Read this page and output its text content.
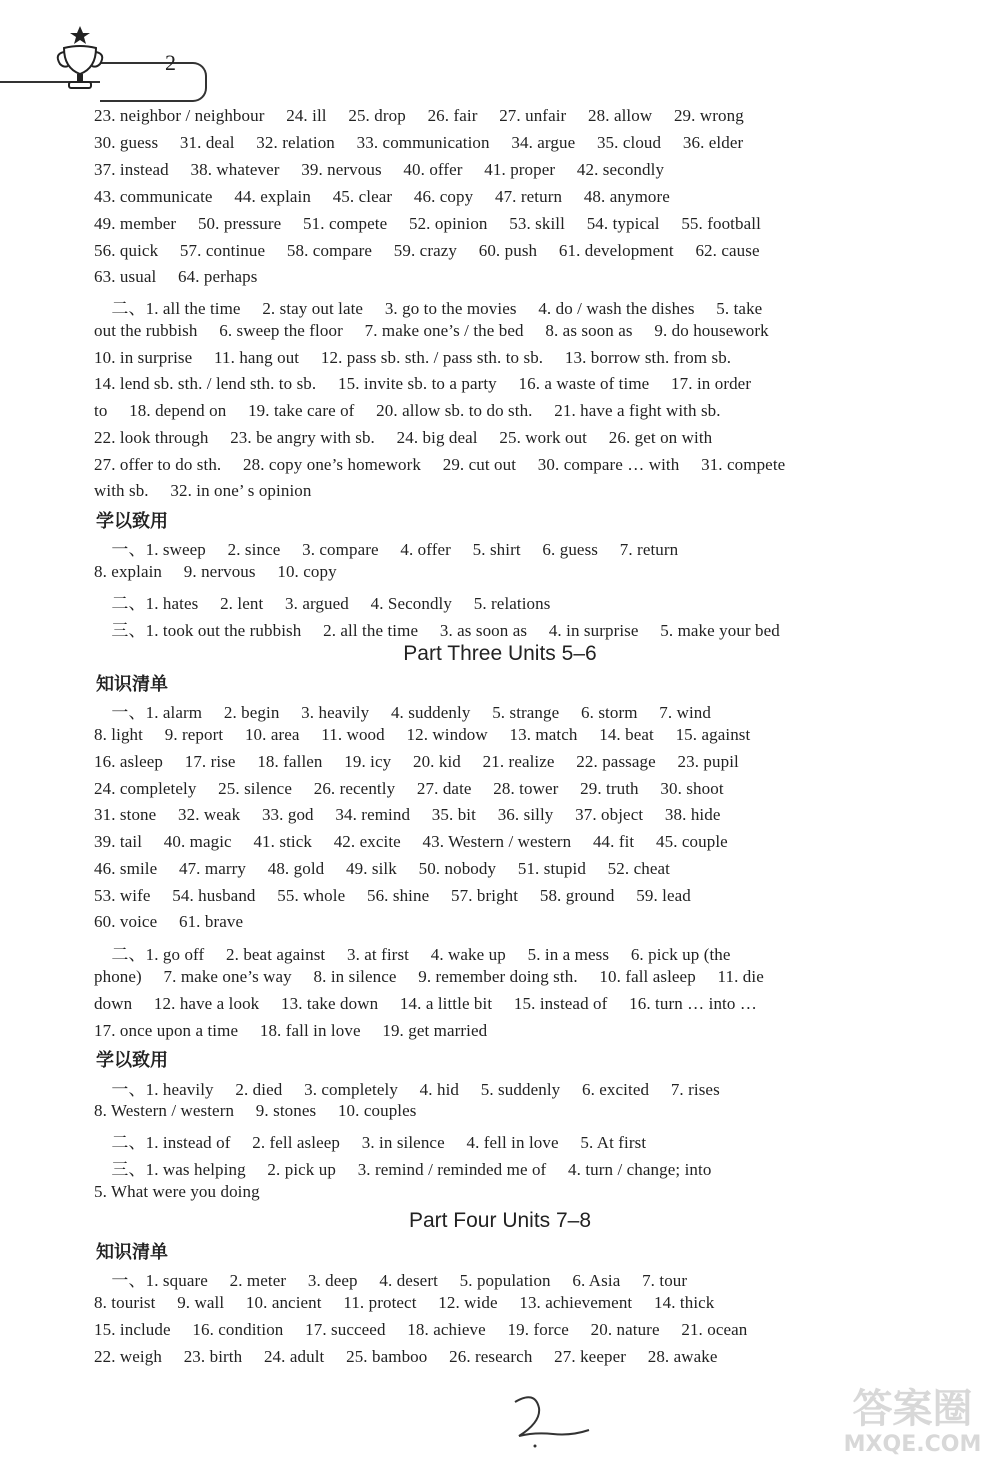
2
23. neighbor / neighbour     24. ill     25. drop     26. fair     27. unfair     28. allow     29. wrong
30. guess     31. deal     32. relation     33. communication     34. argue     35. cloud     36. elder
37. instead     38. whatever     39. nervous     40. offer     41. proper     42. secondly
43. communicate     44. explain     45. clear     46. copy     47. return     48. anymore
49. member     50. pressure     51. compete     52. opinion     53. skill     54. typical     55. football
56. quick     57. continue     58. compare     59. crazy     60. push     61. development     62. cause
63. usual     64. perhaps
二、1. all the time     2. stay out late     3. go to the movies     4. do / wash the dishes     5. take
out the rubbish     6. sweep the floor     7. make one’s / the bed     8. as soon as     9. do housework
10. in surprise     11. hang out     12. pass sb. sth. / pass sth. to sb.     13. borrow sth. from sb.
14. lend sb. sth. / lend sth. to sb.     15. invite sb. to a party     16. a waste of time     17. in order
to     18. depend on     19. take care of     20. allow sb. to do sth.     21. have a fight with sb.
22. look through     23. be angry with sb.     24. big deal     25. work out     26. get on with
27. offer to do sth.     28. copy one’s homework     29. cut out     30. compare … with     31. compete
with sb.     32. in one’ s opinion
学以致用
一、1. sweep     2. since     3. compare     4. offer     5. shirt     6. guess     7. return
8. explain     9. nervous     10. copy
二、1. hates     2. lent     3. argued     4. Secondly     5. relations
三、1. took out the rubbish     2. all the time     3. as soon as     4. in surprise     5. make your bed
Part Three Units 5–6
知识清单
一、1. alarm     2. begin     3. heavily     4. suddenly     5. strange     6. storm     7. wind
8. light     9. report     10. area     11. wood     12. window     13. match     14. beat     15. against
16. asleep     17. rise     18. fallen     19. icy     20. kid     21. realize     22. passage     23. pupil
24. completely     25. silence     26. recently     27. date     28. tower     29. truth     30. shoot
31. stone     32. weak     33. god     34. remind     35. bit     36. silly     37. object     38. hide
39. tail     40. magic     41. stick     42. excite     43. Western / western     44. fit     45. couple
46. smile     47. marry     48. gold     49. silk     50. nobody     51. stupid     52. cheat
53. wife     54. husband     55. whole     56. shine     57. bright     58. ground     59. lead
60. voice     61. brave
二、1. go off     2. beat against     3. at first     4. wake up     5. in a mess     6. pick up (the
phone)     7. make one’s way     8. in silence     9. remember doing sth.     10. fall asleep     11. die
down     12. have a look     13. take down     14. a little bit     15. instead of     16. turn … into …
17. once upon a time     18. fall in love     19. get married
学以致用
一、1. heavily     2. died     3. completely     4. hid     5. suddenly     6. excited     7. rises
8. Western / western     9. stones     10. couples
二、1. instead of     2. fell asleep     3. in silence     4. fell in love     5. At first
三、1. was helping     2. pick up     3. remind / reminded me of     4. turn / change; into
5. What were you doing
Part Four Units 7–8
知识清单
一、1. square     2. meter     3. deep     4. desert     5. population     6. Asia     7. tour
8. tourist     9. wall     10. ancient     11. protect     12. wide     13. achievement     14. thick
15. include     16. condition     17. succeed     18. achieve     19. force     20. nature     21. ocean
22. weigh     23. birth     24. adult     25. bamboo     26. research     27. keeper     28. awake
答案圈
MXQE.COM
